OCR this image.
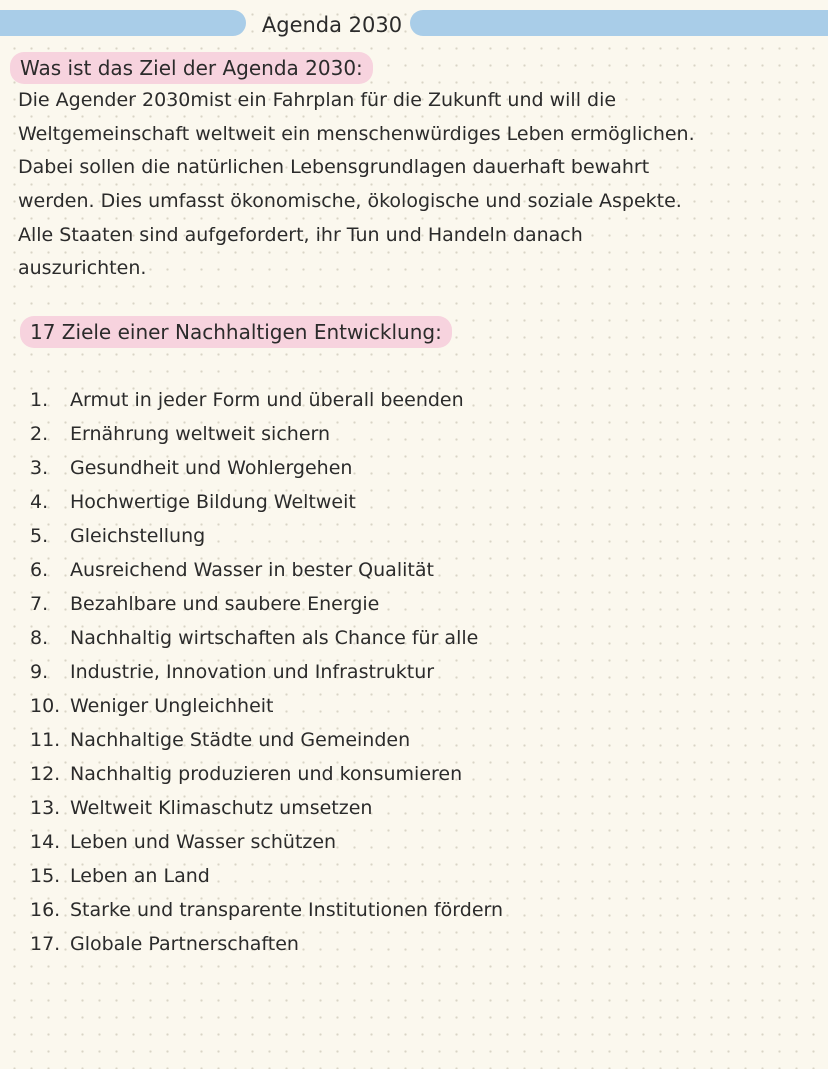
Agenda 2030
Was ist das Ziel der Agenda 2030:
Die Agender 2030mist ein Fahrplan für die Zukunft und will die
Weltgemeinschaft weltweit ein menschenwürdiges Leben ermöglichen.
Dabei sollen die natürlichen Lebensgrundlagen dauerhaft bewahrt
werden. Dies umfasst ökonomische, ökologische und soziale Aspekte.
Alle Staaten sind aufgefordert, ihr Tun und Handeln danach
auszurichten.
17 Ziele einer Nachhaltigen Entwicklung:
1.	Armut in jeder Form und überall beenden
2.	Ernährung weltweit sichern
3.	Gesundheit und Wohlergehen
4.	Hochwertige Bildung Weltweit
5.	Gleichstellung
6.	Ausreichend Wasser in bester Qualität
7.	Bezahlbare und saubere Energie
8.	Nachhaltig wirtschaften als Chance für alle
9.	Industrie, Innovation und Infrastruktur
10. Weniger Ungleichheit
11. Nachhaltige Städte und Gemeinden
12. Nachhaltig produzieren und konsumieren
13. Weltweit Klimaschutz umsetzen
14. Leben und Wasser schützen
15. Leben an Land
16. Starke und transparente Institutionen fördern
17. Globale Partnerschaften
